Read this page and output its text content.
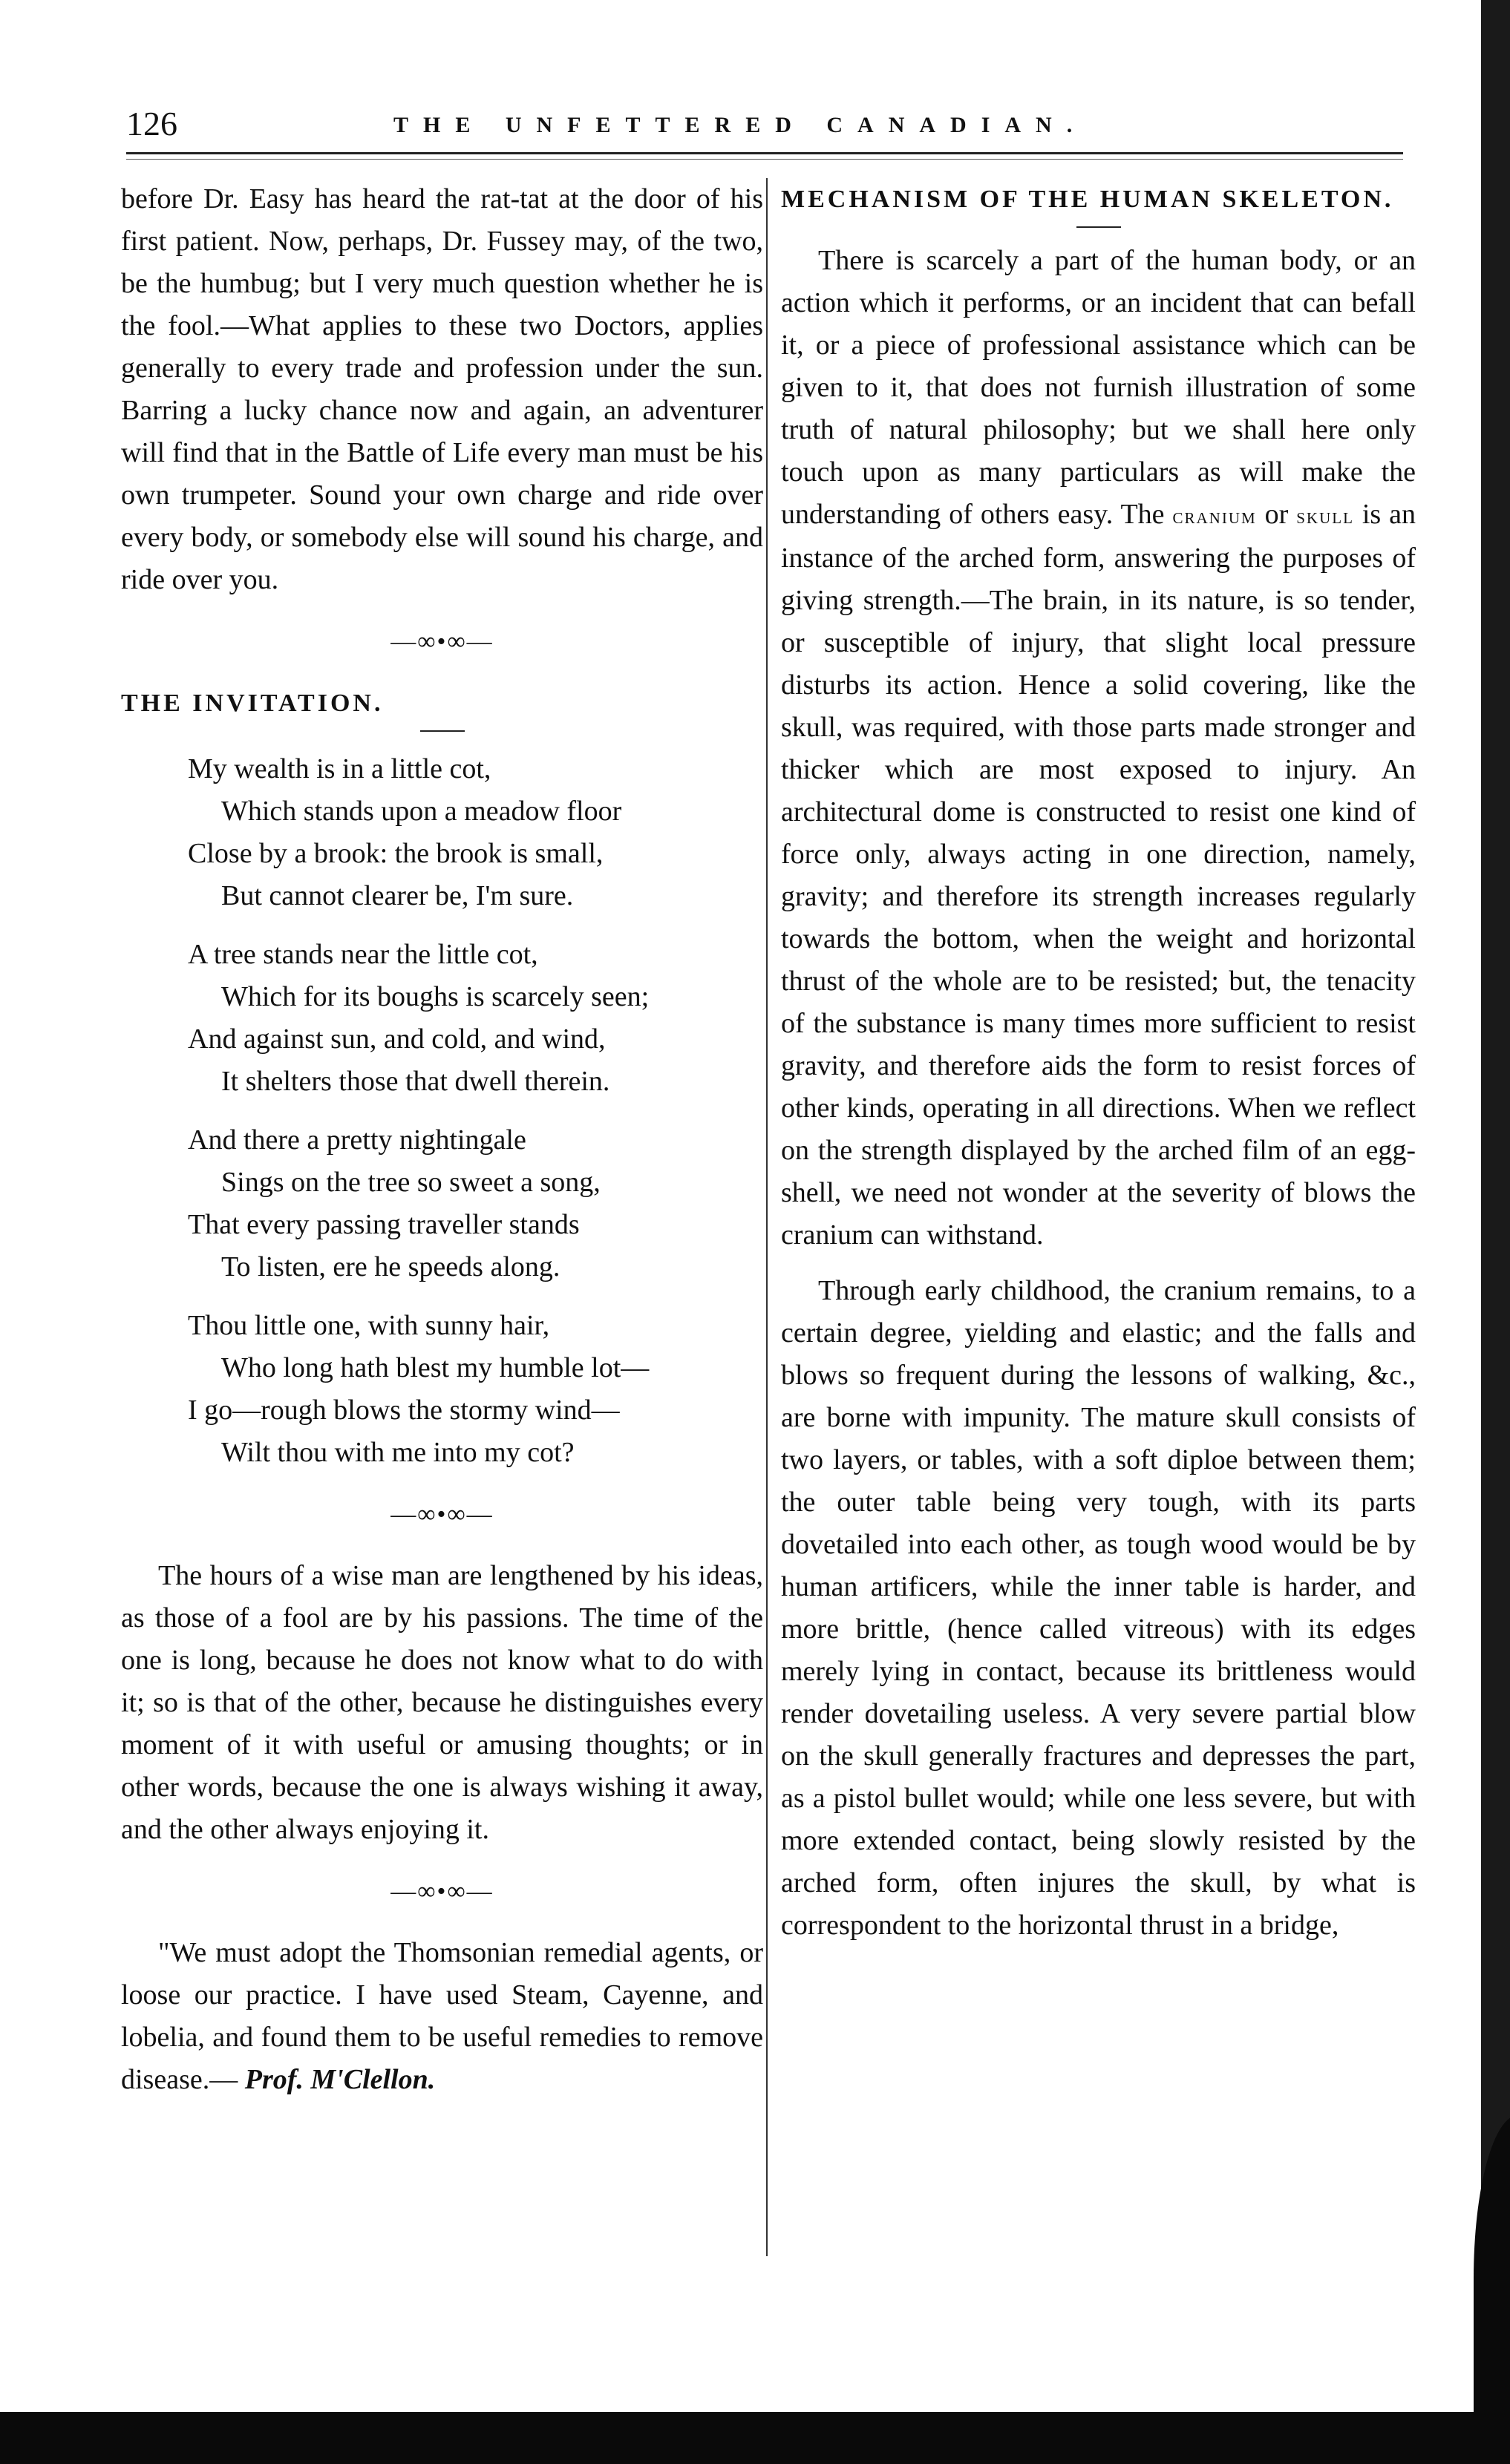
126	THE UNFETTERED CANADIAN.

before Dr. Easy has heard the rat-tat at the door of his first patient. Now, perhaps, Dr. Fussey may, of the two, be the humbug; but I very much question whether he is the fool.—What applies to these two Doctors, applies generally to every trade and profession under the sun. Barring a lucky chance now and again, an adventurer will find that in the Battle of Life every man must be his own trumpeter. Sound your own charge and ride over every body, or somebody else will sound his charge, and ride over you.

—∞•∞—

THE INVITATION.

My wealth is in a little cot,
Which stands upon a meadow floor
Close by a brook: the brook is small,
But cannot clearer be, I'm sure.
A tree stands near the little cot,
Which for its boughs is scarcely seen;
And against sun, and cold, and wind,
It shelters those that dwell therein.
And there a pretty nightingale
Sings on the tree so sweet a song,
That every passing traveller stands
To listen, ere he speeds along.
Thou little one, with sunny hair,
Who long hath blest my humble lot—
I go—rough blows the stormy wind—
Wilt thou with me into my cot?
—∞•∞—

The hours of a wise man are lengthened by his ideas, as those of a fool are by his passions. The time of the one is long, because he does not know what to do with it; so is that of the other, because he distinguishes every moment of it with useful or amusing thoughts; or in other words, because the one is always wishing it away, and the other always enjoying it.

—∞•∞—

"We must adopt the Thomsonian remedial agents, or loose our practice. I have used Steam, Cayenne, and lobelia, and found them to be useful remedies to remove disease.— Prof. M'Clellon.

MECHANISM OF THE HUMAN SKELETON.

There is scarcely a part of the human body, or an action which it performs, or an incident that can befall it, or a piece of professional assistance which can be given to it, that does not furnish illustration of some truth of natural philosophy; but we shall here only touch upon as many particulars as will make the understanding of others easy. The cranium or skull is an instance of the arched form, answering the purposes of giving strength.—The brain, in its nature, is so tender, or susceptible of injury, that slight local pressure disturbs its action. Hence a solid covering, like the skull, was required, with those parts made stronger and thicker which are most exposed to injury. An architectural dome is constructed to resist one kind of force only, always acting in one direction, namely, gravity; and therefore its strength increases regularly towards the bottom, when the weight and horizontal thrust of the whole are to be resisted; but, the tenacity of the substance is many times more sufficient to resist gravity, and therefore aids the form to resist forces of other kinds, operating in all directions. When we reflect on the strength displayed by the arched film of an egg-shell, we need not wonder at the severity of blows the cranium can withstand.

Through early childhood, the cranium remains, to a certain degree, yielding and elastic; and the falls and blows so frequent during the lessons of walking, &c., are borne with impunity. The mature skull consists of two layers, or tables, with a soft diploe between them; the outer table being very tough, with its parts dovetailed into each other, as tough wood would be by human artificers, while the inner table is harder, and more brittle, (hence called vitreous) with its edges merely lying in contact, because its brittleness would render dovetailing useless. A very severe partial blow on the skull generally fractures and depresses the part, as a pistol bullet would; while one less severe, but with more extended contact, being slowly resisted by the arched form, often injures the skull, by what is correspondent to the horizontal thrust in a bridge,
